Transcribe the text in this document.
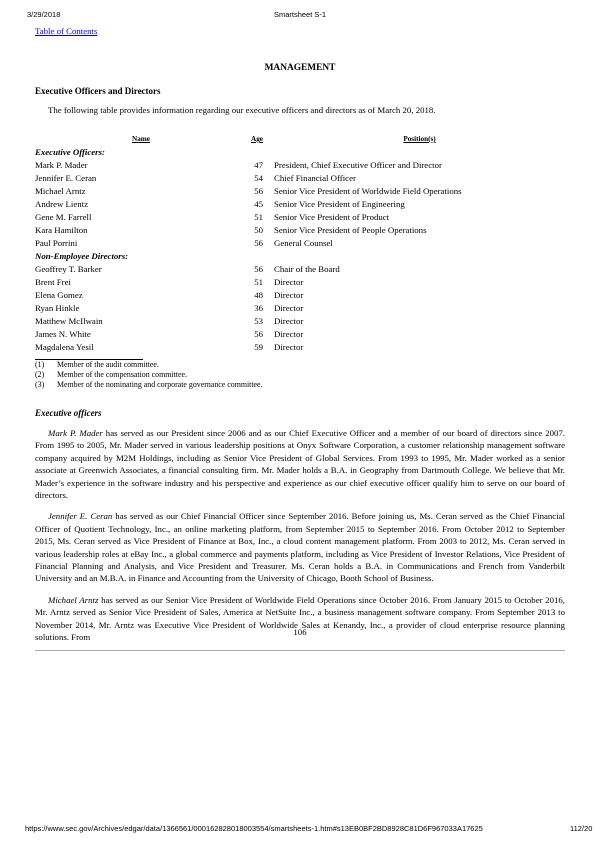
3/29/2018	Smartsheet S-1
Table of Contents
MANAGEMENT
Executive Officers and Directors
The following table provides information regarding our executive officers and directors as of March 20, 2018.
Name	Age	Position(s)
Executive Officers:
Mark P. Mader	47	President, Chief Executive Officer and Director
Jennifer E. Ceran	54	Chief Financial Officer
Michael Arntz	56	Senior Vice President of Worldwide Field Operations
Andrew Lientz	45	Senior Vice President of Engineering
Gene M. Farrell	51	Senior Vice President of Product
Kara Hamilton	50	Senior Vice President of People Operations
Paul Porrini	56	General Counsel
Non-Employee Directors:
Geoffrey T. Barker	56	Chair of the Board
Brent Frei	51	Director
Elena Gomez	48	Director
Ryan Hinkle	36	Director
Matthew McIlwain	53	Director
James N. White	56	Director
Magdalena Yesil	59	Director
(1)	Member of the audit committee.
(2)	Member of the compensation committee.
(3)	Member of the nominating and corporate governance committee.
Executive officers
Mark P. Mader has served as our President since 2006 and as our Chief Executive Officer and a member of our board of directors since 2007. From 1995 to 2005, Mr. Mader served in various leadership positions at Onyx Software Corporation, a customer relationship management software company acquired by M2M Holdings, including as Senior Vice President of Global Services. From 1993 to 1995, Mr. Mader worked as a senior associate at Greenwich Associates, a financial consulting firm. Mr. Mader holds a B.A. in Geography from Dartmouth College. We believe that Mr. Mader’s experience in the software industry and his perspective and experience as our chief executive officer qualify him to serve on our board of directors.
Jennifer E. Ceran has served as our Chief Financial Officer since September 2016. Before joining us, Ms. Ceran served as the Chief Financial Officer of Quotient Technology, Inc., an online marketing platform, from September 2015 to September 2016. From October 2012 to September 2015, Ms. Ceran served as Vice President of Finance at Box, Inc., a cloud content management platform. From 2003 to 2012, Ms. Ceran served in various leadership roles at eBay Inc., a global commerce and payments platform, including as Vice President of Investor Relations, Vice President of Financial Planning and Analysis, and Vice President and Treasurer. Ms. Ceran holds a B.A. in Communications and French from Vanderbilt University and an M.B.A. in Finance and Accounting from the University of Chicago, Booth School of Business.
Michael Arntz has served as our Senior Vice President of Worldwide Field Operations since October 2016. From January 2015 to October 2016, Mr. Arntz served as Senior Vice President of Sales, America at NetSuite Inc., a business management software company. From September 2013 to November 2014, Mr. Arntz was Executive Vice President of Worldwide Sales at Kenandy, Inc., a provider of cloud enterprise resource planning solutions. From
106
https://www.sec.gov/Archives/edgar/data/1366561/000162828018003554/smartsheets-1.htm#s13EB0BF2BD8928C81D6F967033A17625	112/20
